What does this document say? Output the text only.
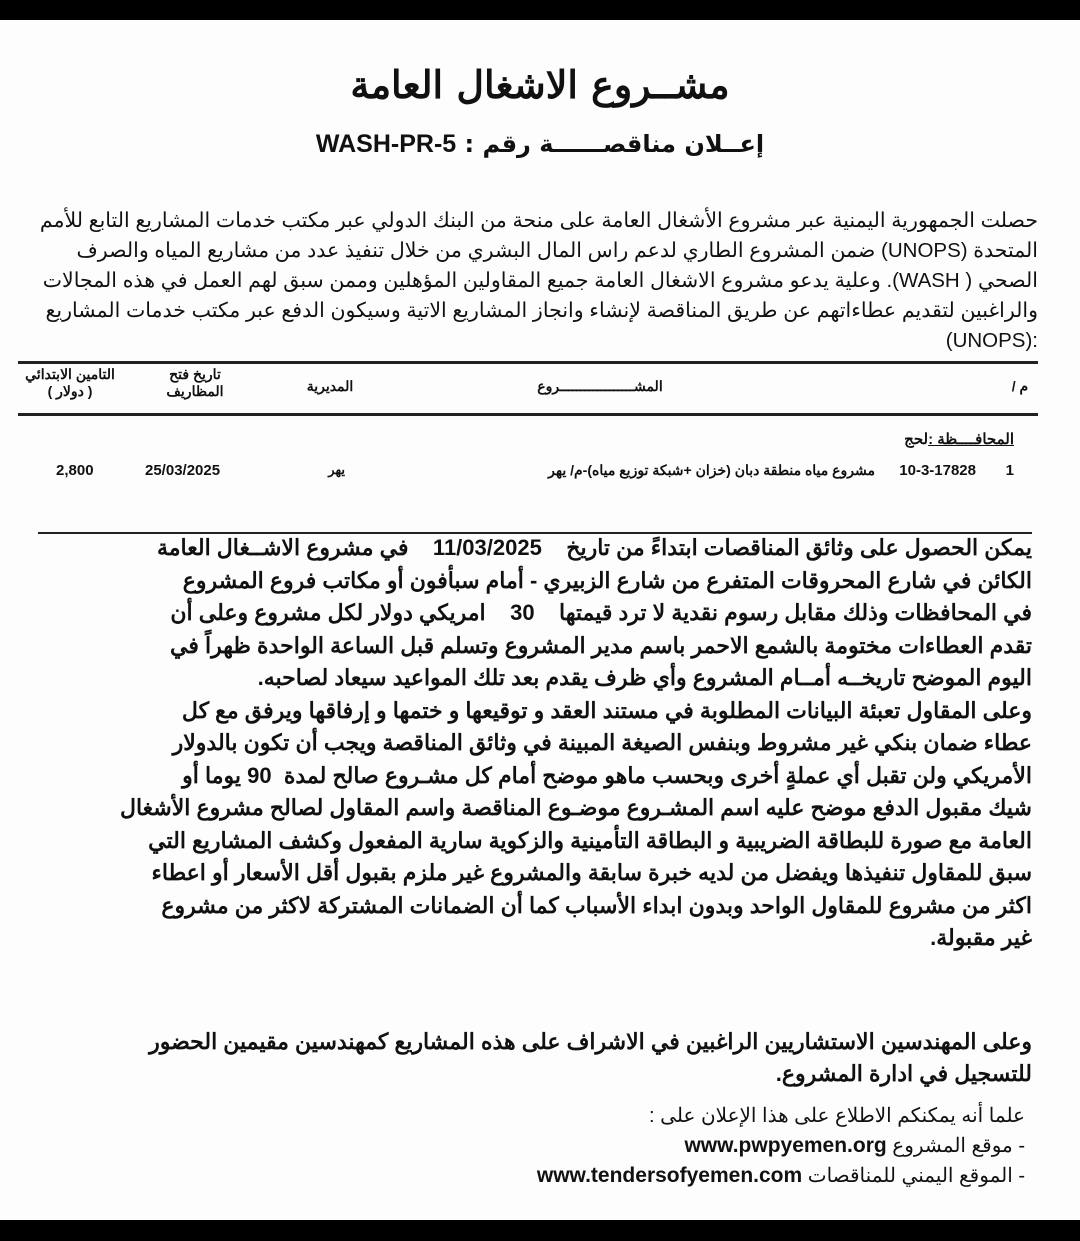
مشــروع الاشغال العامة
إعــلان مناقصــــــة رقم : WASH-PR-5

حصلت الجمهورية اليمنية عبر مشروع الأشغال العامة على منحة من البنك الدولي عبر مكتب خدمات المشاريع التابع للأمم

المتحدة (UNOPS) ضمن المشروع الطاري لدعم راس المال البشري من خلال تنفيذ عدد من مشاريع المياه والصرف

الصحي ( WASH). وعلية يدعو مشروع الاشغال العامة جميع المقاولين المؤهلين وممن سبق لهم العمل في هذه المجالات

والراغبين لتقديم عطاءاتهم عن طريق المناقصة لإنشاء وانجاز المشاريع الاتية وسيكون الدفع عبر مكتب خدمات المشاريع

(UNOPS):

م /
المشــــــــــــــــــروع
المديرية
تاريخ فتح
المظاريف
التامين الابتدائي
( دولار )
المحافــــظة :لحج
1
10-3-17828
مشروع مياه منطقة دبان (خزان +شبكة توزيع مياه)-م/ يهر
يهر
25/03/2025
2,800

يمكن الحصول على وثائق المناقصات ابتداءً من تاريخ    11/03/2025    في مشروع الاشــغال العامة

الكائن في شارع المحروقات المتفرع من شارع الزبيري - أمام سبأفون أو مكاتب فروع المشروع

في المحافظات وذلك مقابل رسوم نقدية لا ترد قيمتها    30    امريكي دولار لكل مشروع وعلى أن

تقدم العطاءات مختومة بالشمع الاحمر باسم مدير المشروع وتسلم قبل الساعة الواحدة ظهراً في

اليوم الموضح تاريخــه أمــام المشروع وأي ظرف يقدم بعد تلك المواعيد سيعاد لصاحبه.

وعلى المقاول تعبئة البيانات المطلوبة في مستند العقد و توقيعها و ختمها و إرفاقها ويرفق مع كل

عطاء ضمان بنكي غير مشروط وبنفس الصيغة المبينة في وثائق المناقصة ويجب أن تكون بالدولار

الأمريكي ولن تقبل أي عملةٍ أخرى وبحسب ماهو موضح أمام كل مشـروع صالح لمدة  90 يوما أو

شيك مقبول الدفع موضح عليه اسم المشـروع موضـوع المناقصة واسم المقاول لصالح مشروع الأشغال

العامة مع صورة للبطاقة الضريبية و البطاقة التأمينية والزكوية سارية المفعول وكشف المشاريع التي

سبق للمقاول تنفيذها ويفضل من لديه خبرة سابقة والمشروع غير ملزم بقبول أقل الأسعار أو اعطاء

اكثر من مشروع للمقاول الواحد وبدون ابداء الأسباب كما أن الضمانات المشتركة لاكثر من مشروع

غير مقبولة.

وعلى المهندسين الاستشاريين الراغبين في الاشراف على هذه المشاريع كمهندسين مقيمين الحضور

للتسجيل في ادارة المشروع.

علما أنه يمكنكم الاطلاع على هذا الإعلان على :
- موقع المشروع www.pwpyemen.org
- الموقع اليمني للمناقصات www.tendersofyemen.com
